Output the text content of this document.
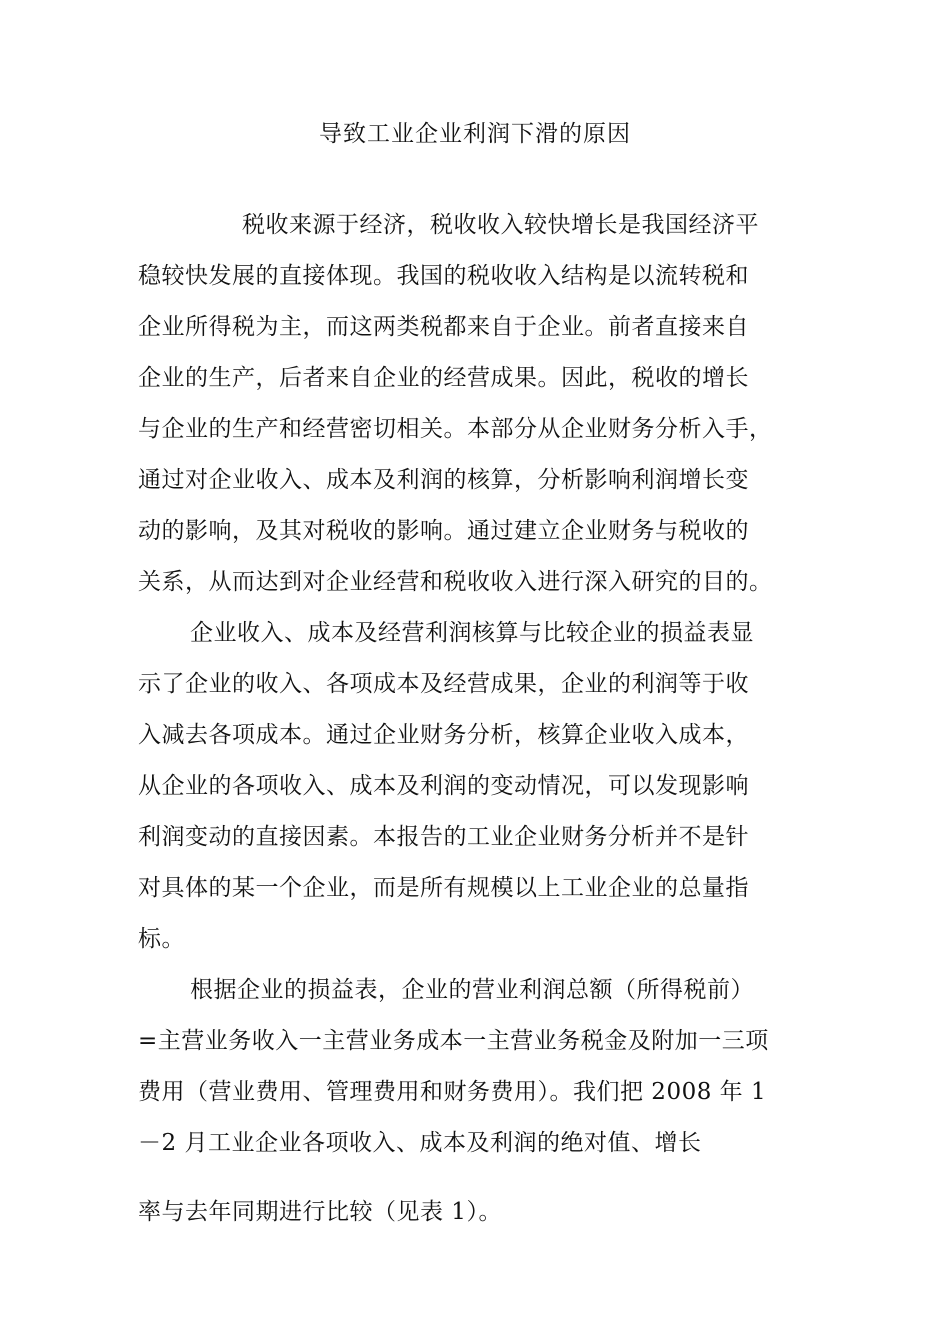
导致工业企业利润下滑的原因
税收来源于经济，税收收入较快增长是我国经济平
稳较快发展的直接体现。我国的税收收入结构是以流转税和
企业所得税为主，而这两类税都来自于企业。前者直接来自
企业的生产，后者来自企业的经营成果。因此，税收的增长
与企业的生产和经营密切相关。本部分从企业财务分析入手，
通过对企业收入、成本及利润的核算，分析影响利润增长变
动的影响，及其对税收的影响。通过建立企业财务与税收的
关系，从而达到对企业经营和税收收入进行深入研究的目的。
企业收入、成本及经营利润核算与比较企业的损益表显
示了企业的收入、各项成本及经营成果，企业的利润等于收
入减去各项成本。通过企业财务分析，核算企业收入成本，
从企业的各项收入、成本及利润的变动情况，可以发现影响
利润变动的直接因素。本报告的工业企业财务分析并不是针
对具体的某一个企业，而是所有规模以上工业企业的总量指
标。
根据企业的损益表，企业的营业利润总额（所得税前）
=主营业务收入一主营业务成本一主营业务税金及附加一三项
费用（营业费用、管理费用和财务费用）。我们把 2008 年 1
－2 月工业企业各项收入、成本及利润的绝对值、增长
率与去年同期进行比较（见表 1）。
